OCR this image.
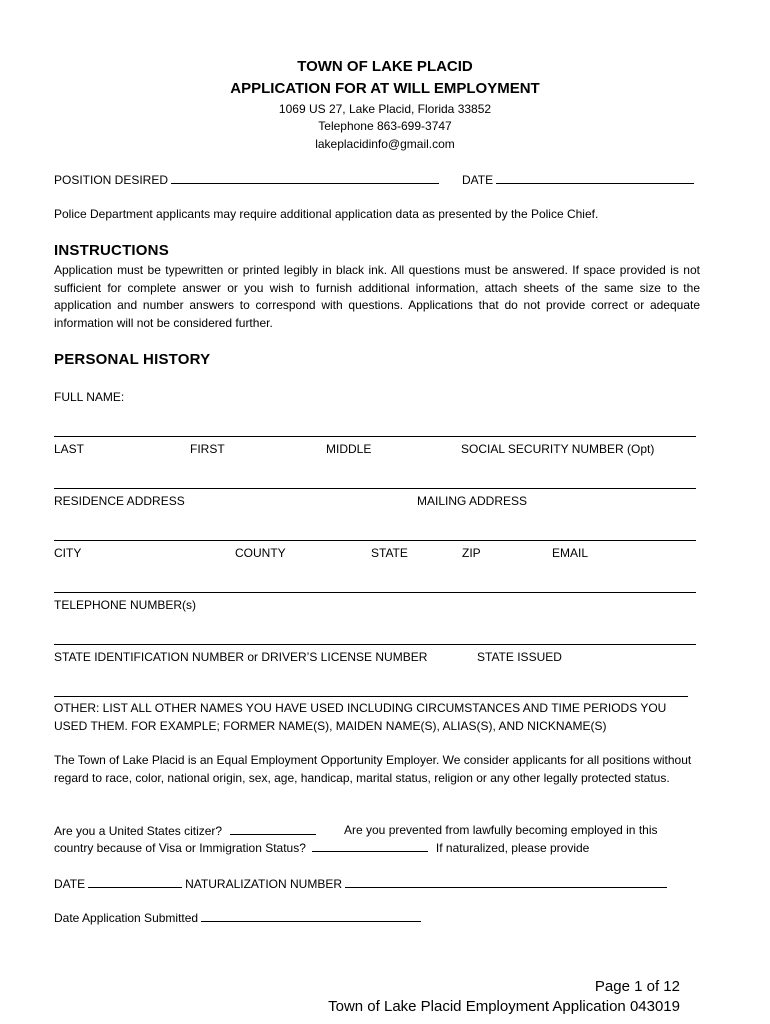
TOWN OF LAKE PLACID
APPLICATION FOR AT WILL EMPLOYMENT
1069 US 27, Lake Placid, Florida 33852
Telephone 863-699-3747
lakeplacidinfo@gmail.com
POSITION DESIRED	DATE
Police Department applicants may require additional application data as presented by the Police Chief.
INSTRUCTIONS
Application must be typewritten or printed legibly in black ink. All questions must be answered. If space provided is not sufficient for complete answer or you wish to furnish additional information, attach sheets of the same size to the application and number answers to correspond with questions. Applications that do not provide correct or adequate information will not be considered further.
PERSONAL HISTORY
FULL NAME:
LAST	FIRST	MIDDLE	SOCIAL SECURITY NUMBER (Opt)
RESIDENCE ADDRESS	MAILING ADDRESS
CITY	COUNTY	STATE	ZIP	EMAIL
TELEPHONE NUMBER(s)
STATE IDENTIFICATION NUMBER or DRIVER’S LICENSE NUMBER	STATE ISSUED
OTHER: LIST ALL OTHER NAMES YOU HAVE USED INCLUDING CIRCUMSTANCES AND TIME PERIODS YOU USED THEM. FOR EXAMPLE; FORMER NAME(S), MAIDEN NAME(S), ALIAS(S), AND NICKNAME(S)
The Town of Lake Placid is an Equal Employment Opportunity Employer. We consider applicants for all positions without regard to race, color, national origin, sex, age, handicap, marital status, religion or any other legally protected status.
Are you a United States citizer?	Are you prevented from lawfully becoming employed in this
country because of Visa or Immigration Status?	If naturalized, please provide
DATE	NATURALIZATION NUMBER
Date Application Submitted
Page 1 of 12
Town of Lake Placid Employment Application 043019
